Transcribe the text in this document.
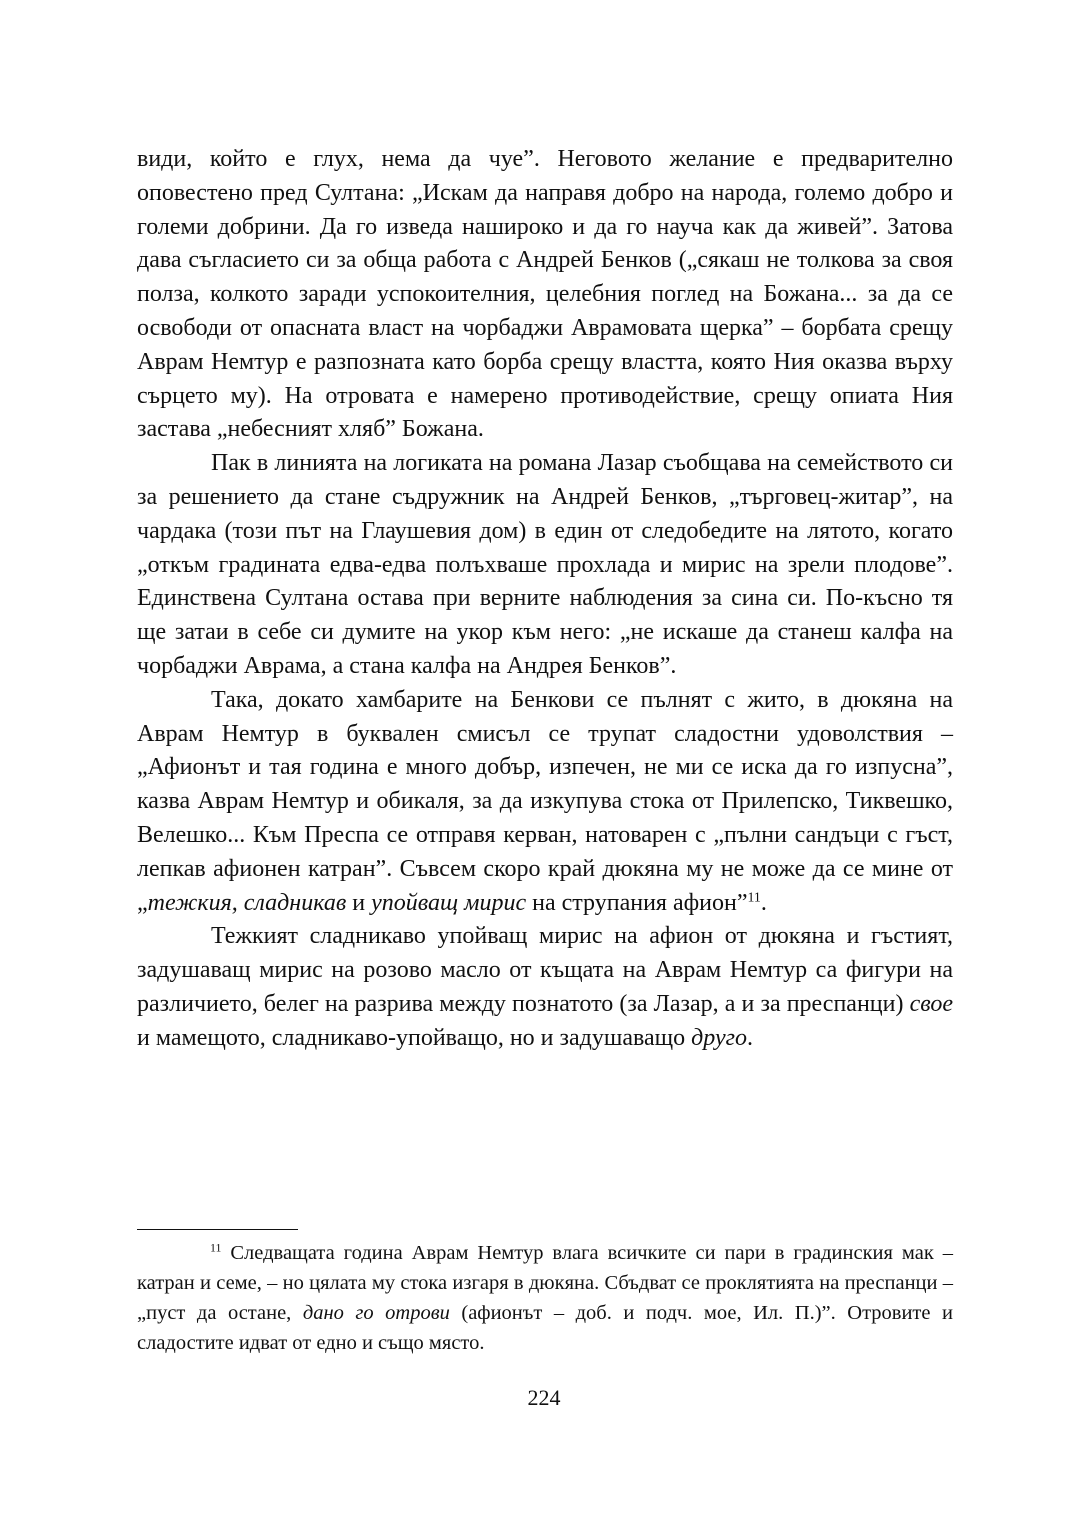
види, който е глух, нема да чуе”. Неговото желание е предварително оповестено пред Султана: „Искам да направя добро на народа, големо добро и големи добрини. Да го изведа нашироко и да го науча как да живей”. Затова дава съгласието си за обща работа с Андрей Бенков („сякаш не толкова за своя полза, колкото заради успокоителния, целебния поглед на Божана... за да се освободи от опасната власт на чорбаджи Аврамовата щерка” – борбата срещу Аврам Немтур е разпозната като борба срещу властта, която Ния оказва върху сърцето му). На отровата е намерено противодействие, срещу опиата Ния застава „небесният хляб” Божана.

Пак в линията на логиката на романа Лазар съобщава на семейството си за решението да стане съдружник на Андрей Бенков, „търговец-житар”, на чардака (този път на Глаушевия дом) в един от следобедите на лятото, когато „откъм градината едва-едва полъхваше прохлада и мирис на зрели плодове”. Единствена Султана остава при верните наблюдения за сина си. По-късно тя ще затаи в себе си думите на укор към него: „не искаше да станеш калфа на чорбаджи Аврама, а стана калфа на Андрея Бенков”.

Така, докато хамбарите на Бенкови се пълнят с жито, в дюкяна на Аврам Немтур в буквален смисъл се трупат сладостни удоволствия – „Афионът и тая година е много добър, изпечен, не ми се иска да го изпусна”, казва Аврам Немтур и обикаля, за да изкупува стока от Прилепско, Тиквешко, Велешко... Към Преспа се отправя керван, натоварен с „пълни сандъци с гъст, лепкав афионен катран”. Съвсем скоро край дюкяна му не може да се мине от „тежкия, сладникав и упойващ мирис на струпания афион”$^{11}$.

Тежкият сладникаво упойващ мирис на афион от дюкяна и гъстият, задушаващ мирис на розово масло от къщата на Аврам Немтур са фигури на различието, белег на разрива между познатото (за Лазар, а и за преспанци) свое и мамещото, сладникаво-упойващо, но и задушаващо друго.

$^{11}$ Следващата година Аврам Немтур влага всичките си пари в градинския мак – катран и семе, – но цялата му стока изгаря в дюкяна. Сбъдват се проклятията на преспанци – „пуст да остане, дано го отрови (афионът – доб. и подч. мое, Ил. П.)”. Отровите и сладостите идват от едно и също място.
224
